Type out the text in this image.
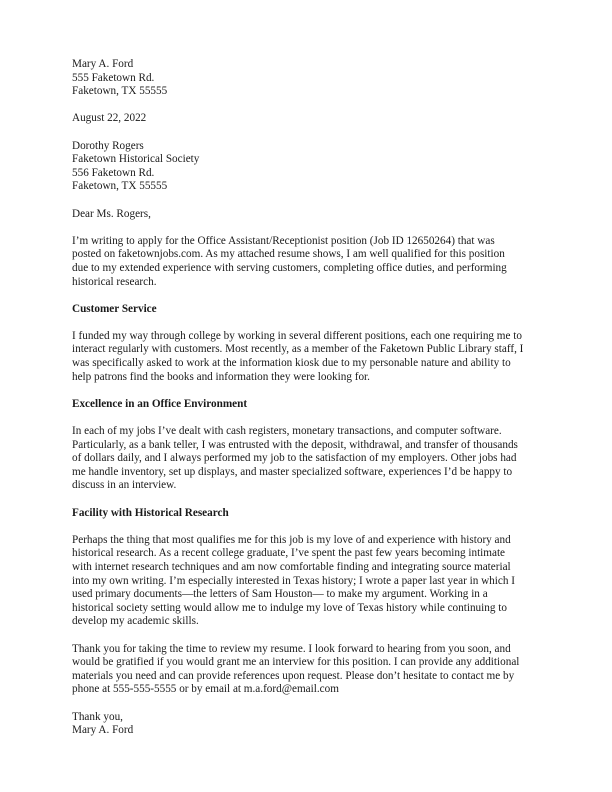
Mary A. Ford
555 Faketown Rd.
Faketown, TX 55555
August 22, 2022
Dorothy Rogers
Faketown Historical Society
556 Faketown Rd.
Faketown, TX 55555
Dear Ms. Rogers,
I’m writing to apply for the Office Assistant/Receptionist position (Job ID 12650264) that was
posted on faketownjobs.com. As my attached resume shows, I am well qualified for this position
due to my extended experience with serving customers, completing office duties, and performing
historical research.
Customer Service
I funded my way through college by working in several different positions, each one requiring me to
interact regularly with customers. Most recently, as a member of the Faketown Public Library staff, I
was specifically asked to work at the information kiosk due to my personable nature and ability to
help patrons find the books and information they were looking for.
Excellence in an Office Environment
In each of my jobs I’ve dealt with cash registers, monetary transactions, and computer software.
Particularly, as a bank teller, I was entrusted with the deposit, withdrawal, and transfer of thousands
of dollars daily, and I always performed my job to the satisfaction of my employers. Other jobs had
me handle inventory, set up displays, and master specialized software, experiences I’d be happy to
discuss in an interview.
Facility with Historical Research
Perhaps the thing that most qualifies me for this job is my love of and experience with history and
historical research. As a recent college graduate, I’ve spent the past few years becoming intimate
with internet research techniques and am now comfortable finding and integrating source material
into my own writing. I’m especially interested in Texas history; I wrote a paper last year in which I
used primary documents—the letters of Sam Houston— to make my argument. Working in a
historical society setting would allow me to indulge my love of Texas history while continuing to
develop my academic skills.
Thank you for taking the time to review my resume. I look forward to hearing from you soon, and
would be gratified if you would grant me an interview for this position. I can provide any additional
materials you need and can provide references upon request. Please don’t hesitate to contact me by
phone at 555-555-5555 or by email at m.a.ford@email.com
Thank you,
Mary A. Ford
